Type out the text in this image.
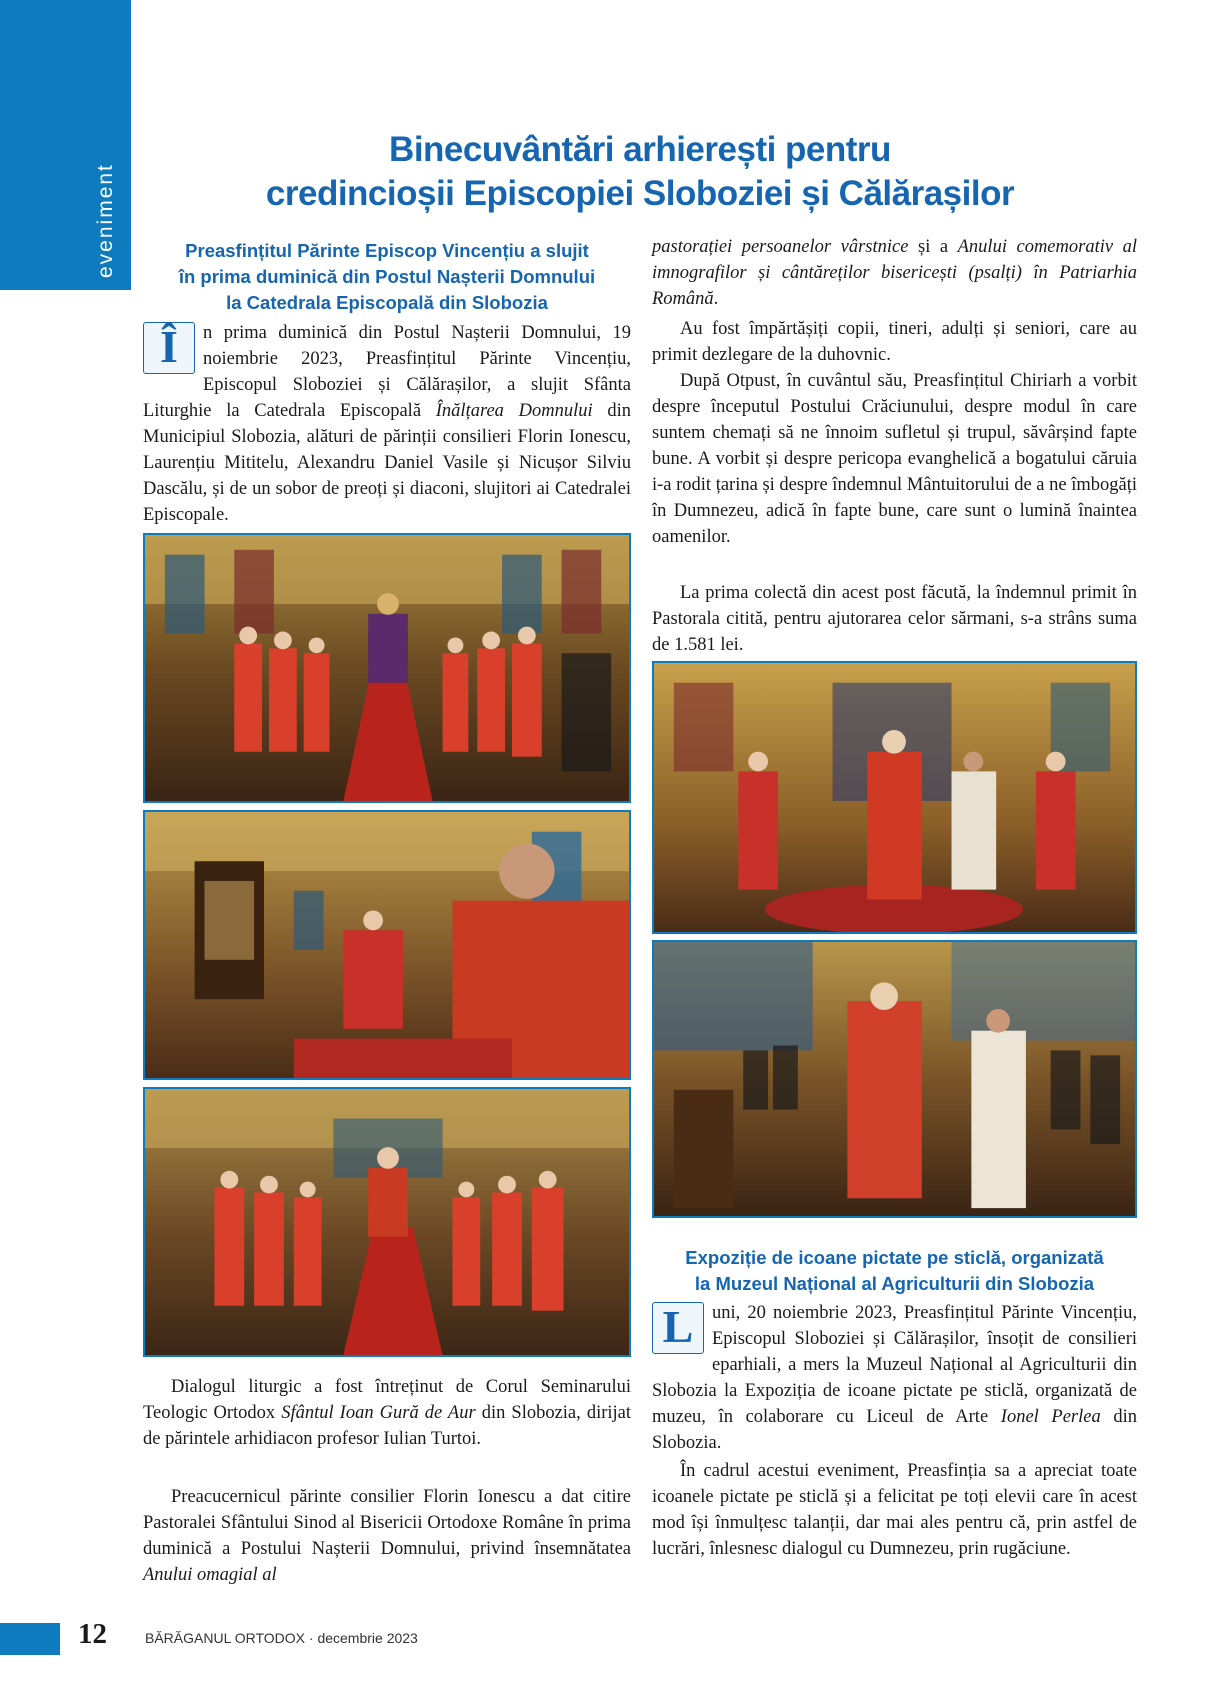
eveniment
Binecuvântări arhierești pentru
credincioșii Episcopiei Sloboziei și Călărașilor
Preasfințitul Părinte Episcop Vincențiu a slujit
în prima duminică din Postul Nașterii Domnului
la Catedrala Episcopală din Slobozia

Î	n prima duminică din Postul Nașterii Domnului, 19 noiembrie 2023, Preasfințitul Părinte Vincențiu, Episcopul Sloboziei și Călărașilor, a slujit Sfânta Liturghie la Catedrala Episcopală Înălțarea Domnului din Municipiul Slobozia, alături de părinții consilieri Florin Ionescu, Laurențiu Mititelu, Alexandru Daniel Vasile și Nicușor Silviu Dascălu, și de un sobor de preoți și diaconi, slujitori ai Catedralei Episcopale.

Dialogul liturgic a fost întreținut de Corul Seminarului Teologic Ortodox Sfântul Ioan Gură de Aur din Slobozia, dirijat de părintele arhidiacon profesor Iulian Turtoi.

Preacucernicul părinte consilier Florin Ionescu a dat citire Pastoralei Sfântului Sinod al Bisericii Ortodoxe Române în prima duminică a Postului Nașterii Domnului, privind însemnătatea Anului omagial al

pastorației persoanelor vârstnice și a Anului comemorativ al imnografilor și cântăreților bisericești (psalți) în Patriarhia Română.

Au fost împărtășiți copii, tineri, adulți și seniori, care au primit dezlegare de la duhovnic.

După Otpust, în cuvântul său, Preasfințitul Chiriarh a vorbit despre începutul Postului Crăciunului, despre modul în care suntem chemați să ne înnoim sufletul și trupul, săvârșind fapte bune. A vorbit și despre pericopa evanghelică a bogatului căruia i-a rodit țarina și despre îndemnul Mântuitorului de a ne îmbogăți în Dumnezeu, adică în fapte bune, care sunt o lumină înaintea oamenilor.

La prima colectă din acest post făcută, la îndemnul primit în Pastorala citită, pentru ajutorarea celor sărmani, s-a strâns suma de 1.581 lei.

Expoziție de icoane pictate pe sticlă, organizată
la Muzeul Național al Agriculturii din Slobozia

L	uni, 20 noiembrie 2023, Preasfințitul Părinte Vincențiu, Episcopul Sloboziei și Călărașilor, însoțit de consilieri eparhiali, a mers la Muzeul Național al Agriculturii din Slobozia la Expoziția de icoane pictate pe sticlă, organizată de muzeu, în colaborare cu Liceul de Arte Ionel Perlea din Slobozia.

În cadrul acestui eveniment, Preasfinția sa a apreciat toate icoanele pictate pe sticlă și a felicitat pe toți elevii care în acest mod își înmulțesc talanții, dar mai ales pentru că, prin astfel de lucrări, înlesnesc dialogul cu Dumnezeu, prin rugăciune.

12	BĂRĂGANUL ORTODOX · decembrie 2023
